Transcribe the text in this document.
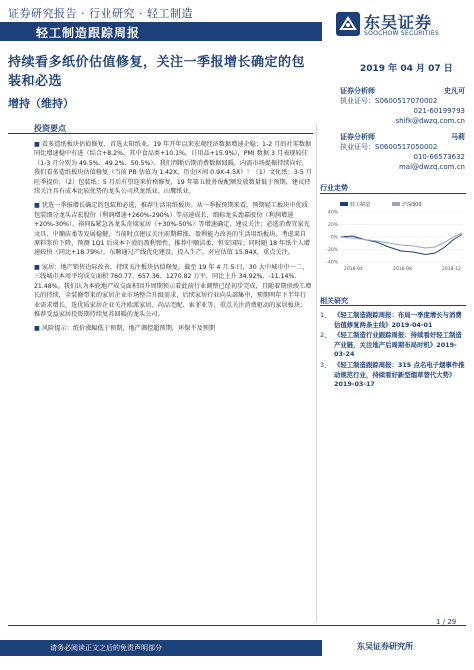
证券研究报告 · 行业研究 · 轻工制造
轻工制造跟踪周报
东吴证券
SOOCHOW SECURITIES
持续看多纸价估值修复，关注一季报增长确定的包装和必选
增持（维持）
2019 年 04 月 07 日
证券分析师	史凡可
执业证号：S0600517070002
021-60199793
shifk@dwzq.com.cn
证券分析师	马莉
执业证号：S0600517050002
010-66573632
mal@dwzq.com.cn
投资要点

■ 看多造纸板块估值修复，首选太阳纸业。19 年开年以来宏观经济数据增速企稳：1-2 月的社零数据同比增速稳中有进（综合+8.2%，其中食品类+10.1%，日用品+15.9%），PMI 数据 3 月表现较佳（1-3 月分别为 49.5%、49.2%、50.5%）。我们判断后期消费数据回暖，内需市场提振持续向好，我们看多造纸板块估值修复（当前 PB 估值为 1.42X，历史区间 0.9X-4.5X）！（1）文化纸：3-5 月旺季提价，（2）包装纸：5 月后有望迎来价格修复，19 年第五批外废配额发放数量低于预期，建议持续关注具有成本比较优势的龙头公司玖龙纸业、山鹰纸业。

■ 优选一季报增长确定的包装和必选，推荐生活用纸板块。从一季报预期来看，预期轻工板块中优质包装细分龙头吉宏股份（利润增速+260%-290%）等高速成长，细标龙头劲嘉股份（利润增速+20%-30%）、裕同&紧急各龙头奇瑞家居（+30%-50%）等增速确定，建议关注；必选消费宜家光文具、中顺洁柔等发展稳健，当前时点建议关注前期滞涨、盈利能力改善的生活用纸板块。考虑来自原料浆价下降，预测 1Q1 后成本下滑的盈利弹性，推荐中顺洁柔、恒安国际；同时随 18 年纸个人增速较快（同比+18.79%），东顺通过产线优化建设，投入生产，对应估值 15.84X，重点关注。

■ 家居：地产销售边际改善，持续关注板块估值修复。截至 19 年 4 月 5 日，30 大中城市中一二、三线城市本周平均成交面积 760.77、657.36、1270.82 万平，同比上升 34.92%、-11.14%、21.48%。我们认为本轮地产成交面积回升周期预示着此前行业调整已经初步完成，且随着期房竣工增长的持续，全装修带来的家居企业市场整合升级需求，后续家居行业向头部集中，预期明年下半年行业需求增长，选优质家居企业关注欧派家居、尚品宅配、索菲亚等，重点关注消费驱动的家居板块；推荐受益家居投资期持续复苏回暖的龙头公司。

■ 风险提示：纸价涨幅低于预期，地产调控超预期，环保不及预期

行业走势
轻工制造	沪深300
40%
20%
0%
-20%
-40%
2018-04	2018-08	2018-12
相关研究
1、 《轻工制造跟踪周报：布局一季度增长与消费估值修复两条主线》2019-04-01
2、 《轻工制造行业跟踪周报：持续看好轻工制造产业链，关注地产后周期布局时机》2019-03-24
3、 《轻工制造跟踪周报：315 点名电子烟事件推动规范行业，持续看好新型烟草替代大势》2019-03-17
1 / 29
请务必阅读正文之后的免责声明部分	东吴证券研究所
